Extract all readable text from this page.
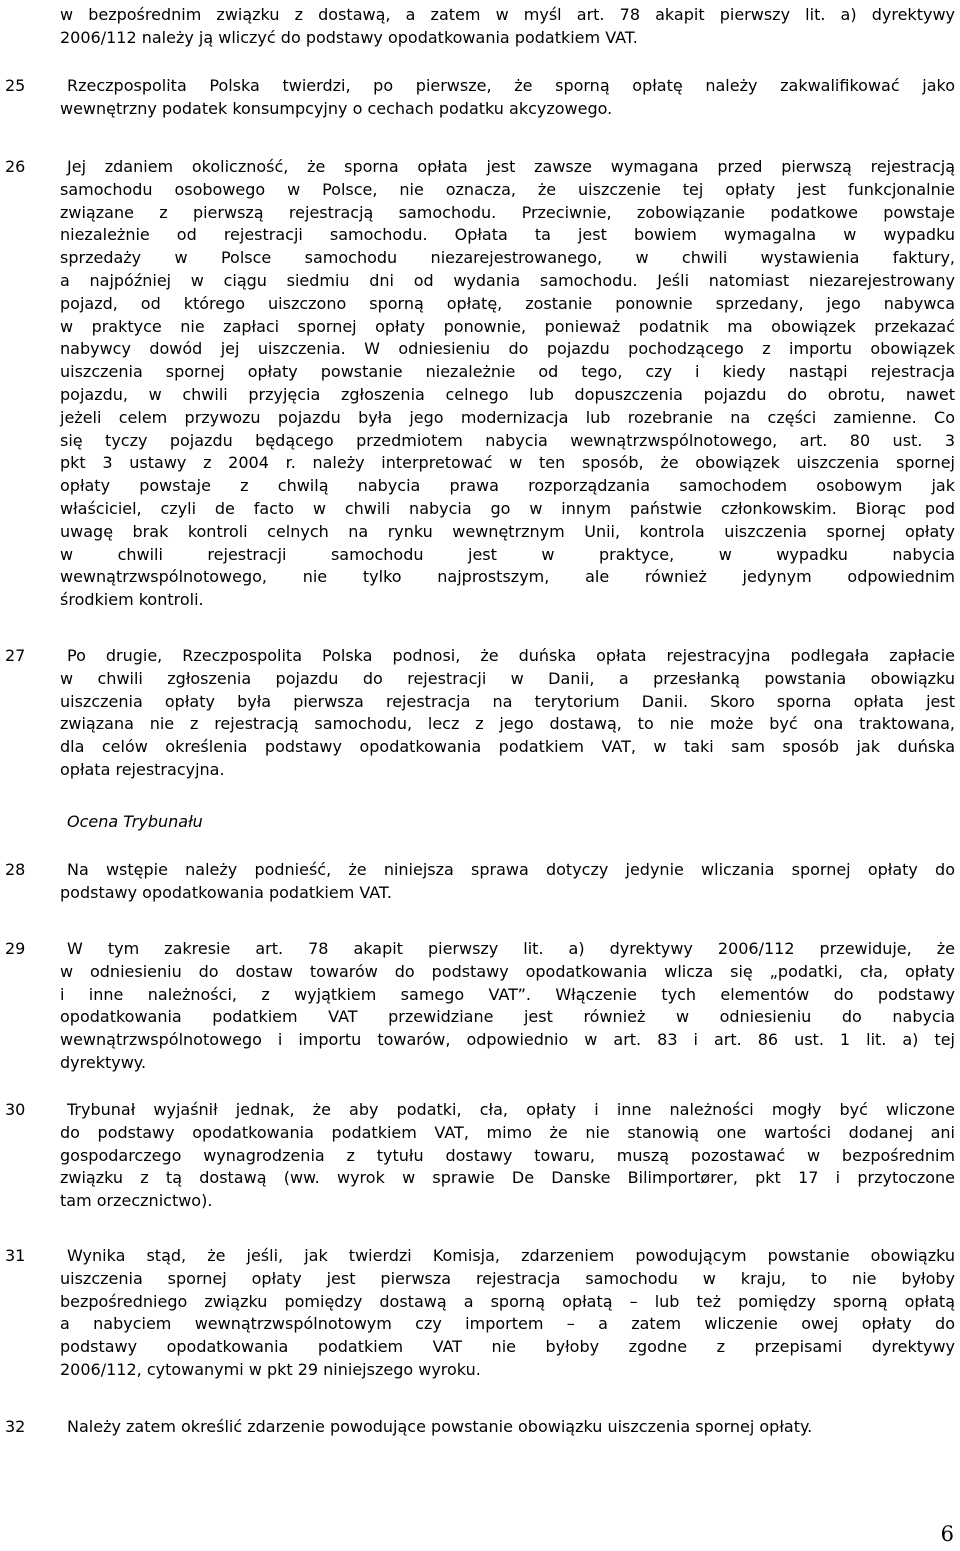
w bezpośrednim związku z dostawą, a zatem w myśl art. 78 akapit pierwszy lit. a) dyrektywy
2006/112 należy ją wliczyć do podstawy opodatkowania podatkiem VAT.
25	Rzeczpospolita Polska twierdzi, po pierwsze, że sporną opłatę należy zakwalifikować jako
wewnętrzny podatek konsumpcyjny o cechach podatku akcyzowego.
26	Jej zdaniem okoliczność, że sporna opłata jest zawsze wymagana przed pierwszą rejestracją
samochodu osobowego w Polsce, nie oznacza, że uiszczenie tej opłaty jest funkcjonalnie
związane z pierwszą rejestracją samochodu. Przeciwnie, zobowiązanie podatkowe powstaje
niezależnie od rejestracji samochodu. Opłata ta jest bowiem wymagalna w wypadku
sprzedaży w Polsce samochodu niezarejestrowanego, w chwili wystawienia faktury,
a najpóźniej w ciągu siedmiu dni od wydania samochodu. Jeśli natomiast niezarejestrowany
pojazd, od którego uiszczono sporną opłatę, zostanie ponownie sprzedany, jego nabywca
w praktyce nie zapłaci spornej opłaty ponownie, ponieważ podatnik ma obowiązek przekazać
nabywcy dowód jej uiszczenia. W odniesieniu do pojazdu pochodzącego z importu obowiązek
uiszczenia spornej opłaty powstanie niezależnie od tego, czy i kiedy nastąpi rejestracja
pojazdu, w chwili przyjęcia zgłoszenia celnego lub dopuszczenia pojazdu do obrotu, nawet
jeżeli celem przywozu pojazdu była jego modernizacja lub rozebranie na części zamienne. Co
się tyczy pojazdu będącego przedmiotem nabycia wewnątrzwspólnotowego, art. 80 ust. 3
pkt 3 ustawy z 2004 r. należy interpretować w ten sposób, że obowiązek uiszczenia spornej
opłaty powstaje z chwilą nabycia prawa rozporządzania samochodem osobowym jak
właściciel, czyli de facto w chwili nabycia go w innym państwie członkowskim. Biorąc pod
uwagę brak kontroli celnych na rynku wewnętrznym Unii, kontrola uiszczenia spornej opłaty
w chwili rejestracji samochodu jest w praktyce, w wypadku nabycia
wewnątrzwspólnotowego, nie tylko najprostszym, ale również jedynym odpowiednim
środkiem kontroli.
27	Po drugie, Rzeczpospolita Polska podnosi, że duńska opłata rejestracyjna podlegała zapłacie
w chwili zgłoszenia pojazdu do rejestracji w Danii, a przesłanką powstania obowiązku
uiszczenia opłaty była pierwsza rejestracja na terytorium Danii. Skoro sporna opłata jest
związana nie z rejestracją samochodu, lecz z jego dostawą, to nie może być ona traktowana,
dla celów określenia podstawy opodatkowania podatkiem VAT, w taki sam sposób jak duńska
opłata rejestracyjna.
28	Na wstępie należy podnieść, że niniejsza sprawa dotyczy jedynie wliczania spornej opłaty do
podstawy opodatkowania podatkiem VAT.
29	W tym zakresie art. 78 akapit pierwszy lit. a) dyrektywy 2006/112 przewiduje, że
w odniesieniu do dostaw towarów do podstawy opodatkowania wlicza się „podatki, cła, opłaty
i inne należności, z wyjątkiem samego VAT”. Włączenie tych elementów do podstawy
opodatkowania podatkiem VAT przewidziane jest również w odniesieniu do nabycia
wewnątrzwspólnotowego i importu towarów, odpowiednio w art. 83 i art. 86 ust. 1 lit. a) tej
dyrektywy.
30	Trybunał wyjaśnił jednak, że aby podatki, cła, opłaty i inne należności mogły być wliczone
do podstawy opodatkowania podatkiem VAT, mimo że nie stanowią one wartości dodanej ani
gospodarczego wynagrodzenia z tytułu dostawy towaru, muszą pozostawać w bezpośrednim
związku z tą dostawą (ww. wyrok w sprawie De Danske Bilimportører, pkt 17 i przytoczone
tam orzecznictwo).
31	Wynika stąd, że jeśli, jak twierdzi Komisja, zdarzeniem powodującym powstanie obowiązku
uiszczenia spornej opłaty jest pierwsza rejestracja samochodu w kraju, to nie byłoby
bezpośredniego związku pomiędzy dostawą a sporną opłatą – lub też pomiędzy sporną opłatą
a nabyciem wewnątrzwspólnotowym czy importem – a zatem wliczenie owej opłaty do
podstawy opodatkowania podatkiem VAT nie byłoby zgodne z przepisami dyrektywy
2006/112, cytowanymi w pkt 29 niniejszego wyroku.
32	Należy zatem określić zdarzenie powodujące powstanie obowiązku uiszczenia spornej opłaty.
Ocena Trybunału
6
